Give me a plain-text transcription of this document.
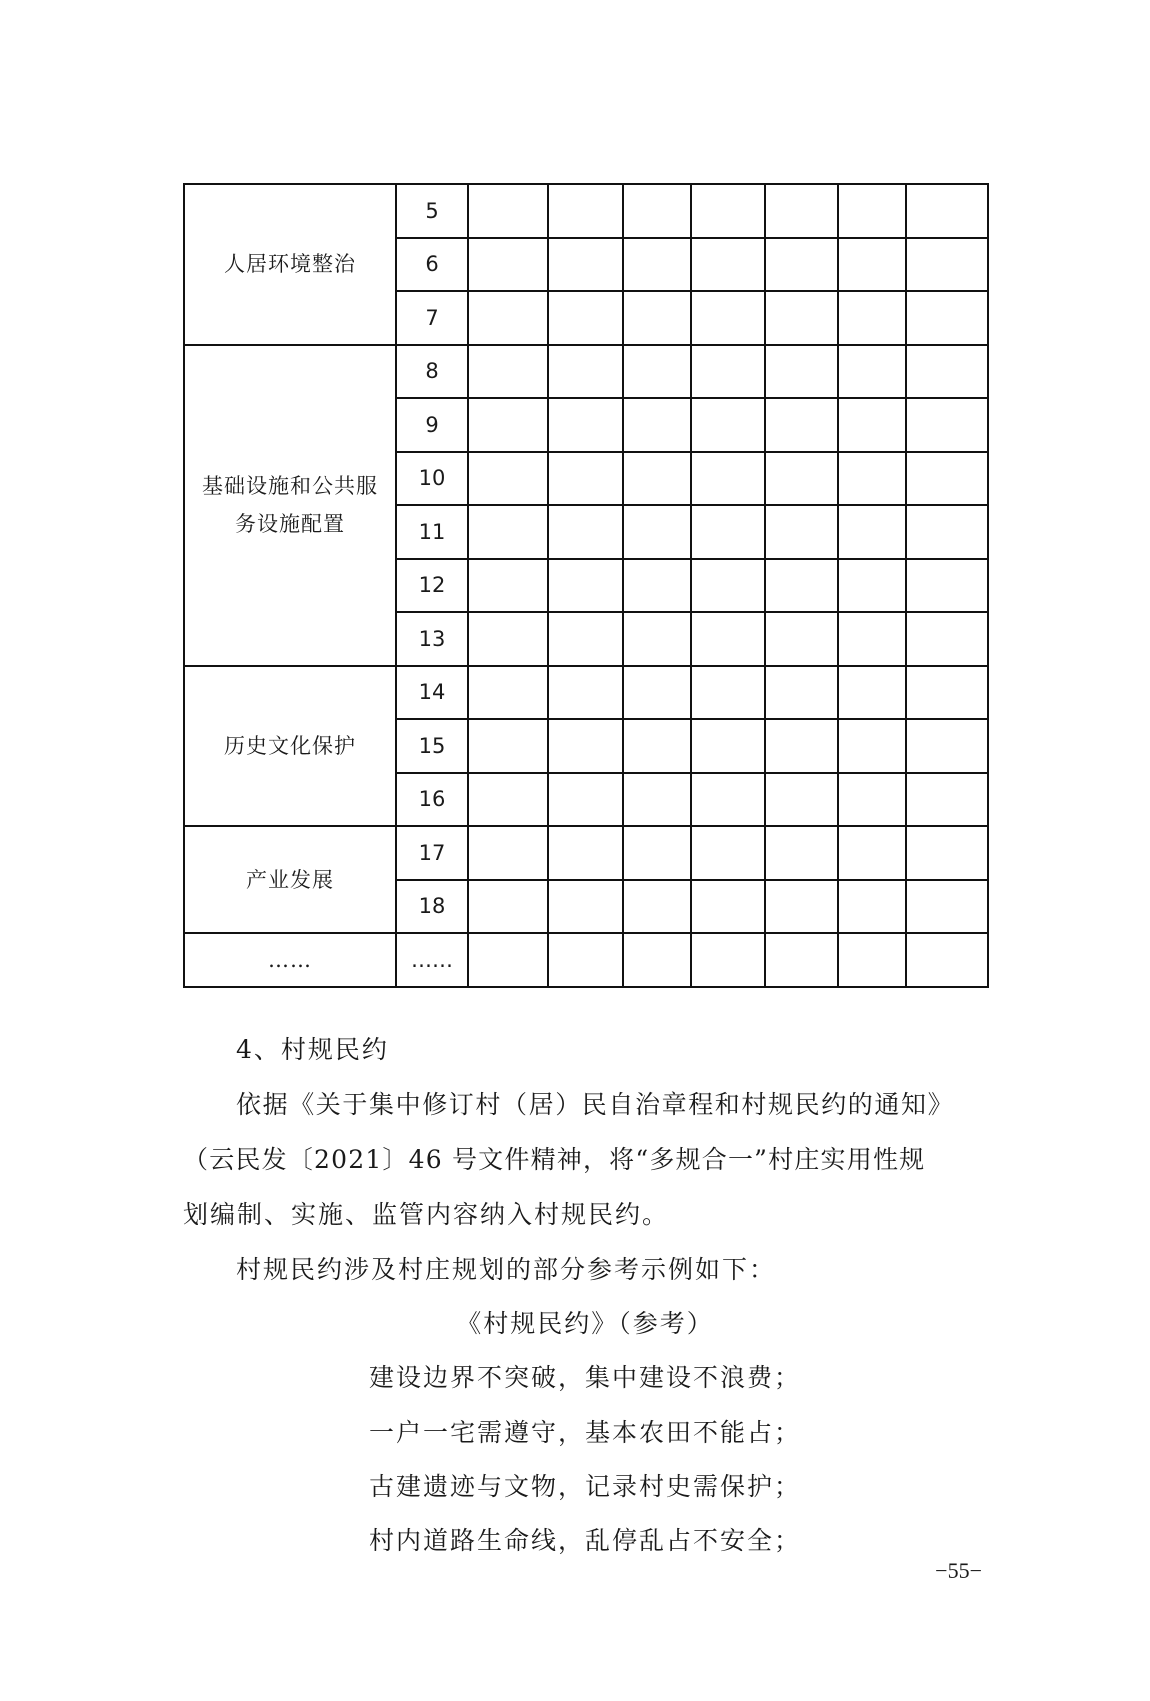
人居环境整治	5							
	6							
	7							
基础设施和公共服务设施配置	8							
	9							
	10							
	11							
	12							
	13							
历史文化保护	14							
	15							
	16							
产业发展	17							
	18							
……	……							
4、村规民约
依据《关于集中修订村（居）民自治章程和村规民约的通知》
（云民发〔2021〕46 号文件精神，将“多规合一”村庄实用性规
划编制、实施、监管内容纳入村规民约。
村规民约涉及村庄规划的部分参考示例如下：
《村规民约》（参考）
建设边界不突破，集中建设不浪费；
一户一宅需遵守，基本农田不能占；
古建遗迹与文物，记录村史需保护；
村内道路生命线，乱停乱占不安全；
−55−
